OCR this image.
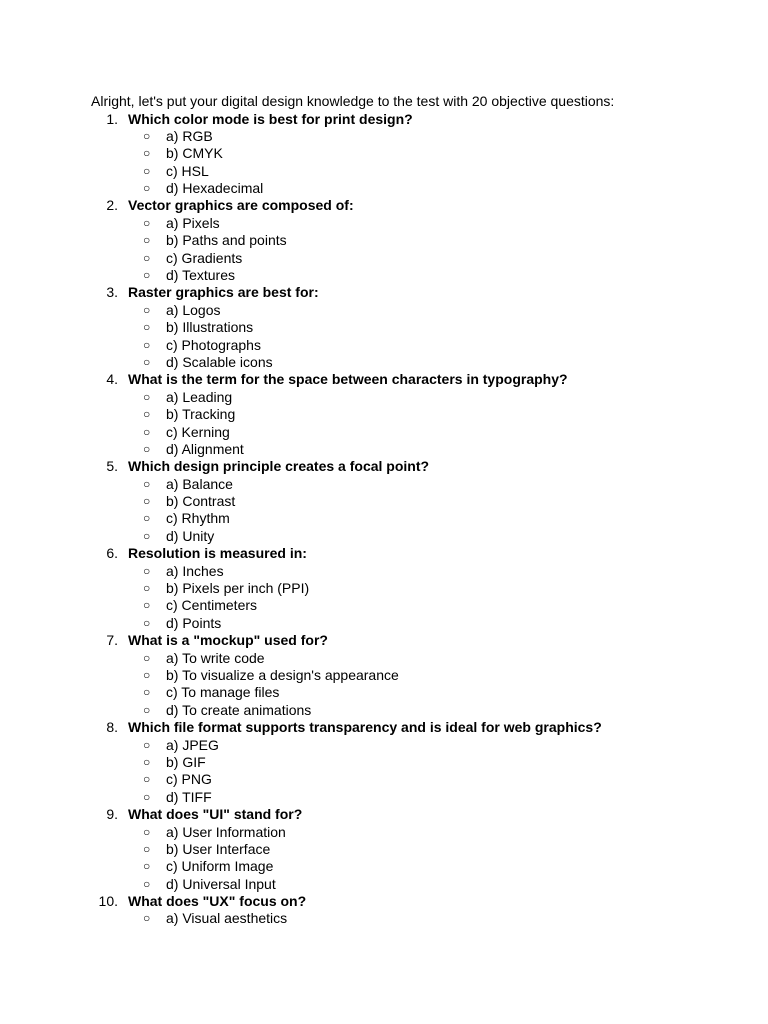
Alright, let's put your digital design knowledge to the test with 20 objective questions:
1. Which color mode is best for print design?
○ a) RGB
○ b) CMYK
○ c) HSL
○ d) Hexadecimal
2. Vector graphics are composed of:
○ a) Pixels
○ b) Paths and points
○ c) Gradients
○ d) Textures
3. Raster graphics are best for:
○ a) Logos
○ b) Illustrations
○ c) Photographs
○ d) Scalable icons
4. What is the term for the space between characters in typography?
○ a) Leading
○ b) Tracking
○ c) Kerning
○ d) Alignment
5. Which design principle creates a focal point?
○ a) Balance
○ b) Contrast
○ c) Rhythm
○ d) Unity
6. Resolution is measured in:
○ a) Inches
○ b) Pixels per inch (PPI)
○ c) Centimeters
○ d) Points
7. What is a "mockup" used for?
○ a) To write code
○ b) To visualize a design's appearance
○ c) To manage files
○ d) To create animations
8. Which file format supports transparency and is ideal for web graphics?
○ a) JPEG
○ b) GIF
○ c) PNG
○ d) TIFF
9. What does "UI" stand for?
○ a) User Information
○ b) User Interface
○ c) Uniform Image
○ d) Universal Input
10. What does "UX" focus on?
○ a) Visual aesthetics
